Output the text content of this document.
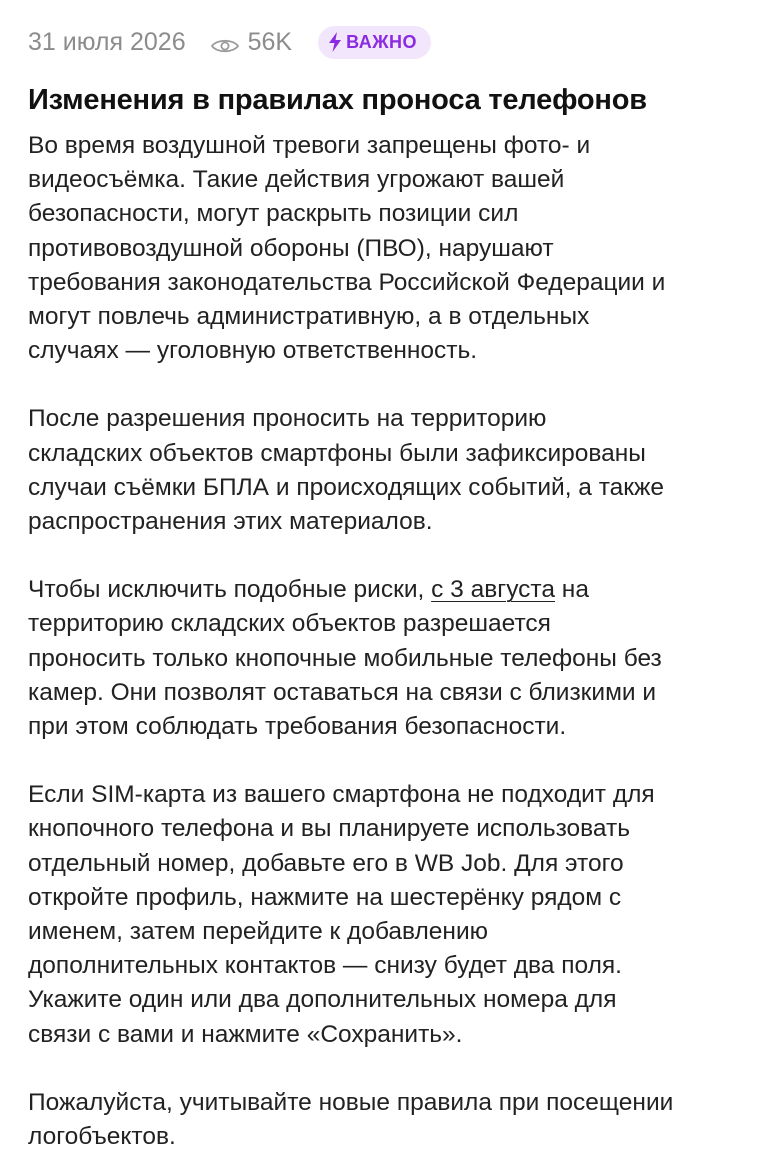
31 июля 2026 56K	ВАЖНО
Изменения в правилах проноса телефонов

Во время воздушной тревоги запрещены фото- и
видеосъёмка. Такие действия угрожают вашей
безопасности, могут раскрыть позиции сил
противовоздушной обороны (ПВО), нарушают
требования законодательства Российской Федерации и
могут повлечь административную, а в отдельных
случаях — уголовную ответственность.

После разрешения проносить на территорию
складских объектов смартфоны были зафиксированы
случаи съёмки БПЛА и происходящих событий, а также
распространения этих материалов.

Чтобы исключить подобные риски, с 3 августа на
территорию складских объектов разрешается
проносить только кнопочные мобильные телефоны без
камер. Они позволят оставаться на связи с близкими и
при этом соблюдать требования безопасности.

Если SIM-карта из вашего смартфона не подходит для
кнопочного телефона и вы планируете использовать
отдельный номер, добавьте его в WB Job. Для этого
откройте профиль, нажмите на шестерёнку рядом с
именем, затем перейдите к добавлению
дополнительных контактов — снизу будет два поля.
Укажите один или два дополнительных номера для
связи с вами и нажмите «Сохранить».

Пожалуйста, учитывайте новые правила при посещении
логобъектов.
